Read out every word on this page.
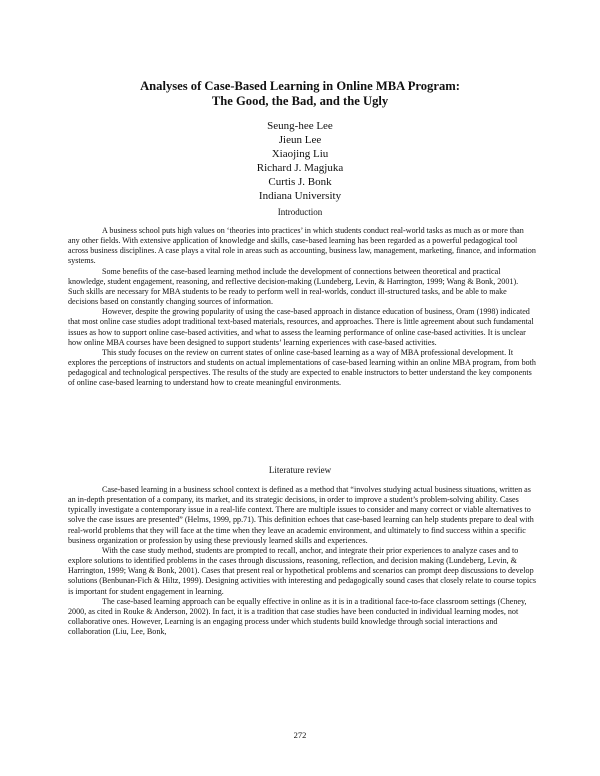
Analyses of Case-Based Learning in Online MBA Program:
The Good, the Bad, and the Ugly
Seung-hee Lee
Jieun Lee
Xiaojing Liu
Richard J. Magjuka
Curtis J. Bonk
Indiana University
Introduction

A business school puts high values on ‘theories into practices’ in which students conduct real-world tasks as much as or more than any other fields. With extensive application of knowledge and skills, case-based learning has been regarded as a powerful pedagogical tool across business disciplines. A case plays a vital role in areas such as accounting, business law, management, marketing, finance, and information systems.

Some benefits of the case-based learning method include the development of connections between theoretical and practical knowledge, student engagement, reasoning, and reflective decision-making (Lundeberg, Levin, & Harrington, 1999; Wang & Bonk, 2001). Such skills are necessary for MBA students to be ready to perform well in real-worlds, conduct ill-structured tasks, and be able to make decisions based on constantly changing sources of information.

However, despite the growing popularity of using the case-based approach in distance education of business, Oram (1998) indicated that most online case studies adopt traditional text-based materials, resources, and approaches. There is little agreement about such fundamental issues as how to support online case-based activities, and what to assess the learning performance of online case-based activities. It is unclear how online MBA courses have been designed to support students’ learning experiences with case-based activities.

This study focuses on the review on current states of online case-based learning as a way of MBA professional development. It explores the perceptions of instructors and students on actual implementations of case-based learning within an online MBA program, from both pedagogical and technological perspectives. The results of the study are expected to enable instructors to better understand the key components of online case-based learning to understand how to create meaningful environments.

Literature review

Case-based learning in a business school context is defined as a method that “involves studying actual business situations, written as an in-depth presentation of a company, its market, and its strategic decisions, in order to improve a student’s problem-solving ability. Cases typically investigate a contemporary issue in a real-life context. There are multiple issues to consider and many correct or viable alternatives to solve the case issues are presented” (Helms, 1999, pp.71). This definition echoes that case-based learning can help students prepare to deal with real-world problems that they will face at the time when they leave an academic environment, and ultimately to find success within a specific business organization or profession by using these previously learned skills and experiences.

With the case study method, students are prompted to recall, anchor, and integrate their prior experiences to analyze cases and to explore solutions to identified problems in the cases through discussions, reasoning, reflection, and decision making (Lundeberg, Levin, & Harrington, 1999; Wang & Bonk, 2001). Cases that present real or hypothetical problems and scenarios can prompt deep discussions to develop solutions (Benbunan-Fich & Hiltz, 1999). Designing activities with interesting and pedagogically sound cases that closely relate to course topics is important for student engagement in learning.

The case-based learning approach can be equally effective in online as it is in a traditional face-to-face classroom settings (Cheney, 2000, as cited in Rouke & Anderson, 2002). In fact, it is a tradition that case studies have been conducted in individual learning modes, not collaborative ones. However, Learning is an engaging process under which students build knowledge through social interactions and collaboration (Liu, Lee, Bonk,

272
